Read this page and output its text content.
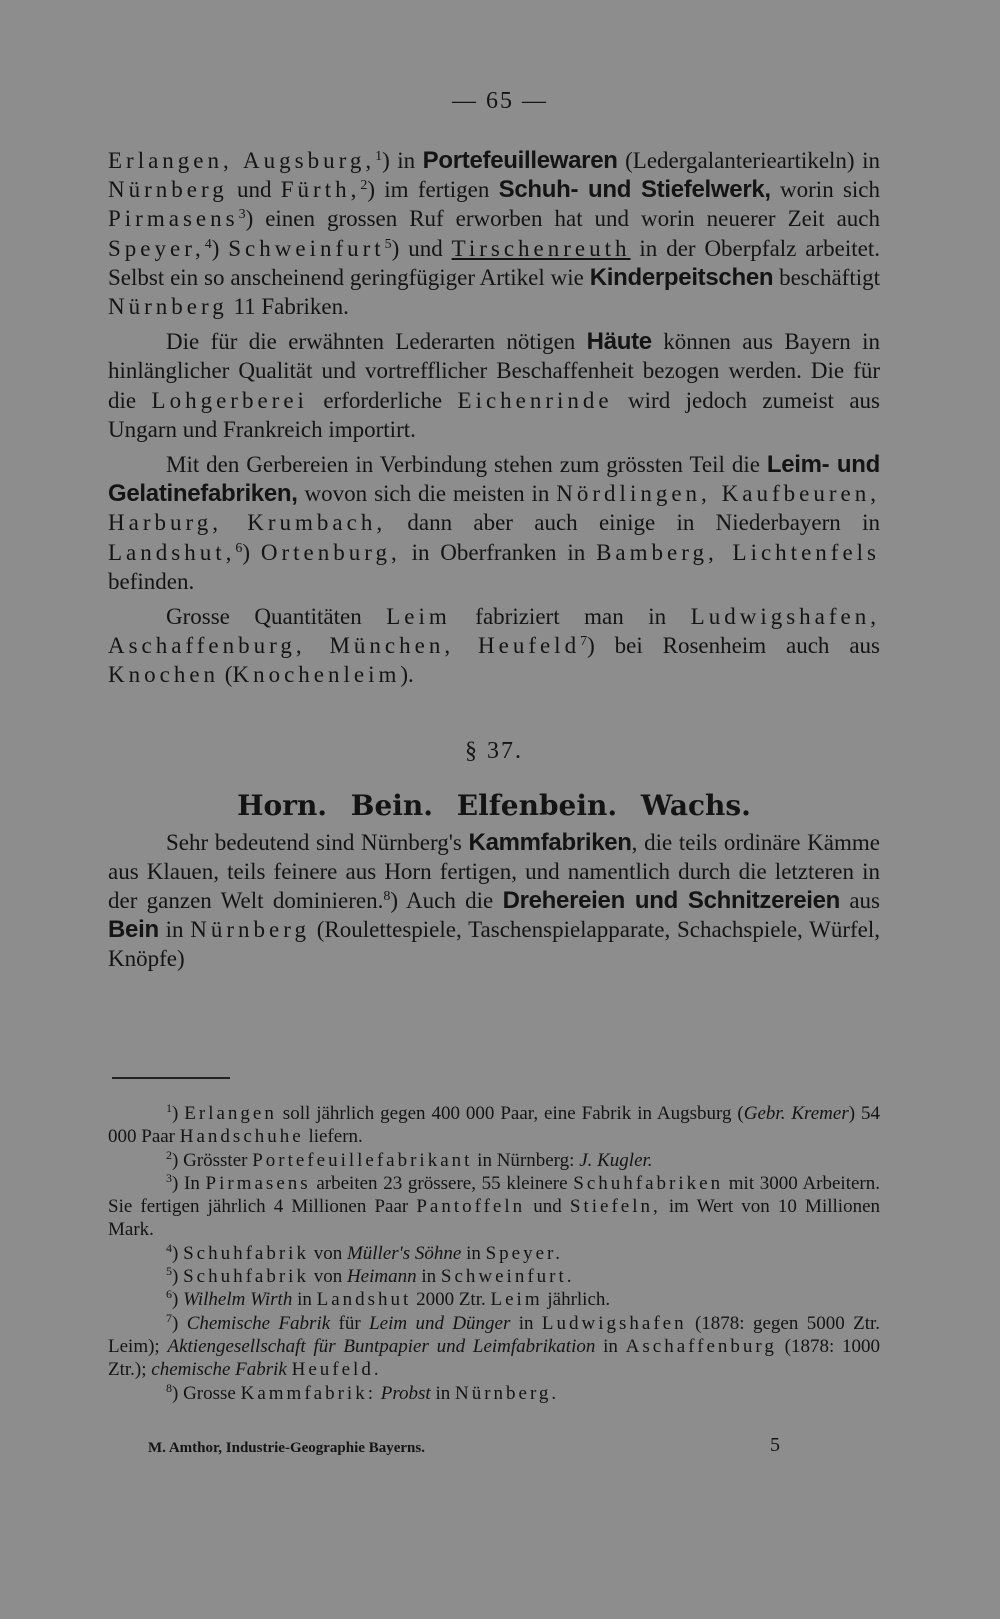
— 65 —

Erlangen, Augsburg,$^1$) in Portefeuillewaren (Ledergalanterieartikeln) in Nürnberg und Fürth,$^2$) im fertigen Schuh- und Stiefelwerk, worin sich Pirmasens$^3$) einen grossen Ruf erworben hat und worin neuerer Zeit auch Speyer,$^4$) Schweinfurt$^5$) und Tirschenreuth in der Oberpfalz arbeitet. Selbst ein so anscheinend geringfügiger Artikel wie Kinderpeitschen beschäftigt Nürnberg 11 Fabriken.

Die für die erwähnten Lederarten nötigen Häute können aus Bayern in hinlänglicher Qualität und vortrefflicher Beschaffenheit bezogen werden. Die für die Lohgerberei erforderliche Eichenrinde wird jedoch zumeist aus Ungarn und Frankreich importirt.

Mit den Gerbereien in Verbindung stehen zum grössten Teil die Leim- und Gelatinefabriken, wovon sich die meisten in Nördlingen, Kaufbeuren, Harburg, Krumbach, dann aber auch einige in Niederbayern in Landshut,$^6$) Ortenburg, in Oberfranken in Bamberg, Lichtenfels befinden.

Grosse Quantitäten Leim fabriziert man in Ludwigshafen, Aschaffenburg, München, Heufeld$^7$) bei Rosenheim auch aus Knochen (Knochenleim).

§ 37.
Horn. Bein. Elfenbein. Wachs.

Sehr bedeutend sind Nürnberg's Kammfabriken, die teils ordinäre Kämme aus Klauen, teils feinere aus Horn fertigen, und namentlich durch die letzteren in der ganzen Welt dominieren.$^8$) Auch die Drehereien und Schnitzereien aus Bein in Nürnberg (Roulettespiele, Taschenspielapparate, Schachspiele, Würfel, Knöpfe)

$^1$) Erlangen soll jährlich gegen 400 000 Paar, eine Fabrik in Augsburg (Gebr. Kremer) 54 000 Paar Handschuhe liefern.

$^2$) Grösster Portefeuillefabrikant in Nürnberg: J. Kugler.

$^3$) In Pirmasens arbeiten 23 grössere, 55 kleinere Schuhfabriken mit 3000 Arbeitern. Sie fertigen jährlich 4 Millionen Paar Pantoffeln und Stiefeln, im Wert von 10 Millionen Mark.

$^4$) Schuhfabrik von Müller's Söhne in Speyer.

$^5$) Schuhfabrik von Heimann in Schweinfurt.

$^6$) Wilhelm Wirth in Landshut 2000 Ztr. Leim jährlich.

$^7$) Chemische Fabrik für Leim und Dünger in Ludwigshafen (1878: gegen 5000 Ztr. Leim); Aktiengesellschaft für Buntpapier und Leimfabrikation in Aschaffenburg (1878: 1000 Ztr.); chemische Fabrik Heufeld.

$^8$) Grosse Kammfabrik: Probst in Nürnberg.

M. Amthor, Industrie-Geographie Bayerns.	5
